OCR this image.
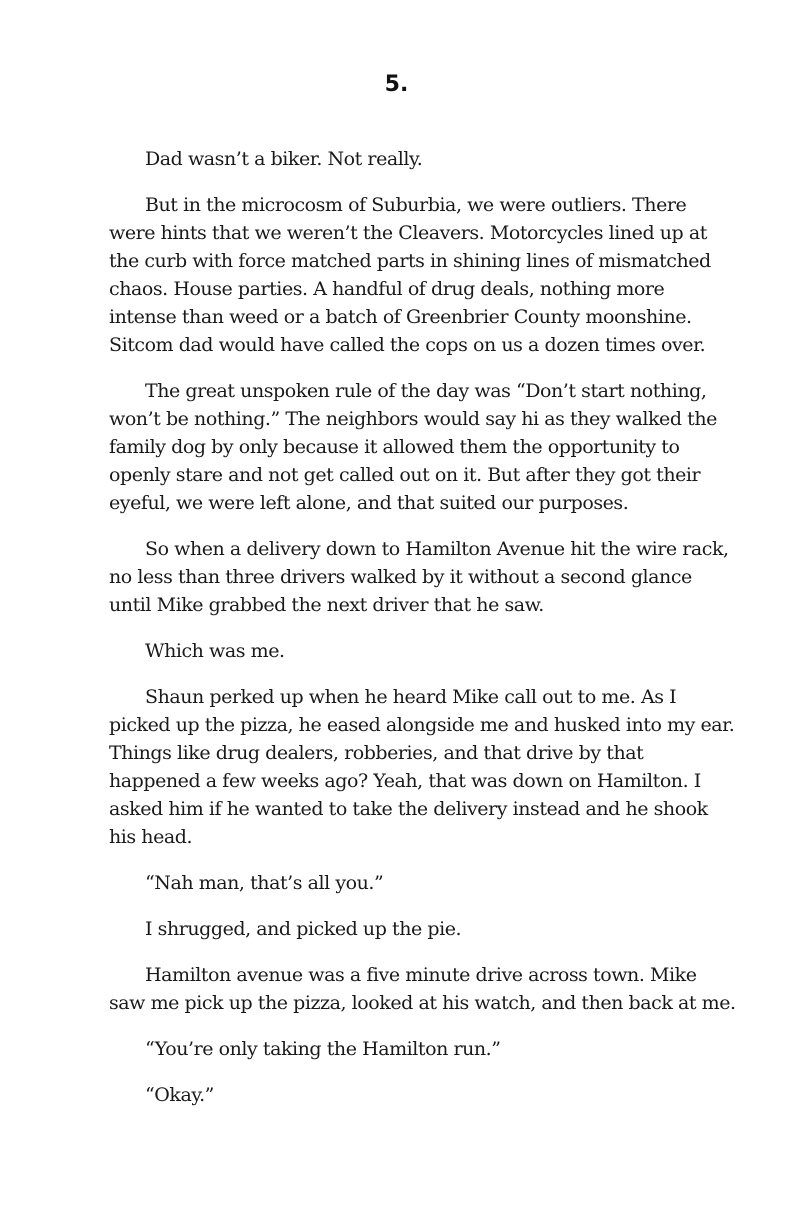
5.

Dad wasn’t a biker. Not really.

But in the microcosm of Suburbia, we were outliers. There were hints that we weren’t the Cleavers. Motorcycles lined up at the curb with force matched parts in shining lines of mismatched chaos. House parties. A handful of drug deals, nothing more intense than weed or a batch of Greenbrier County moonshine. Sitcom dad would have called the cops on us a dozen times over.

The great unspoken rule of the day was “Don’t start nothing, won’t be nothing.” The neighbors would say hi as they walked the family dog by only because it allowed them the opportunity to openly stare and not get called out on it. But after they got their eyeful, we were left alone, and that suited our purposes.

So when a delivery down to Hamilton Avenue hit the wire rack, no less than three drivers walked by it without a second glance until Mike grabbed the next driver that he saw.

Which was me.

Shaun perked up when he heard Mike call out to me. As I picked up the pizza, he eased alongside me and husked into my ear. Things like drug dealers, robberies, and that drive by that happened a few weeks ago? Yeah, that was down on Hamilton. I asked him if he wanted to take the delivery instead and he shook his head.

“Nah man, that’s all you.”

I shrugged, and picked up the pie.

Hamilton avenue was a five minute drive across town. Mike saw me pick up the pizza, looked at his watch, and then back at me.

“You’re only taking the Hamilton run.”

“Okay.”
